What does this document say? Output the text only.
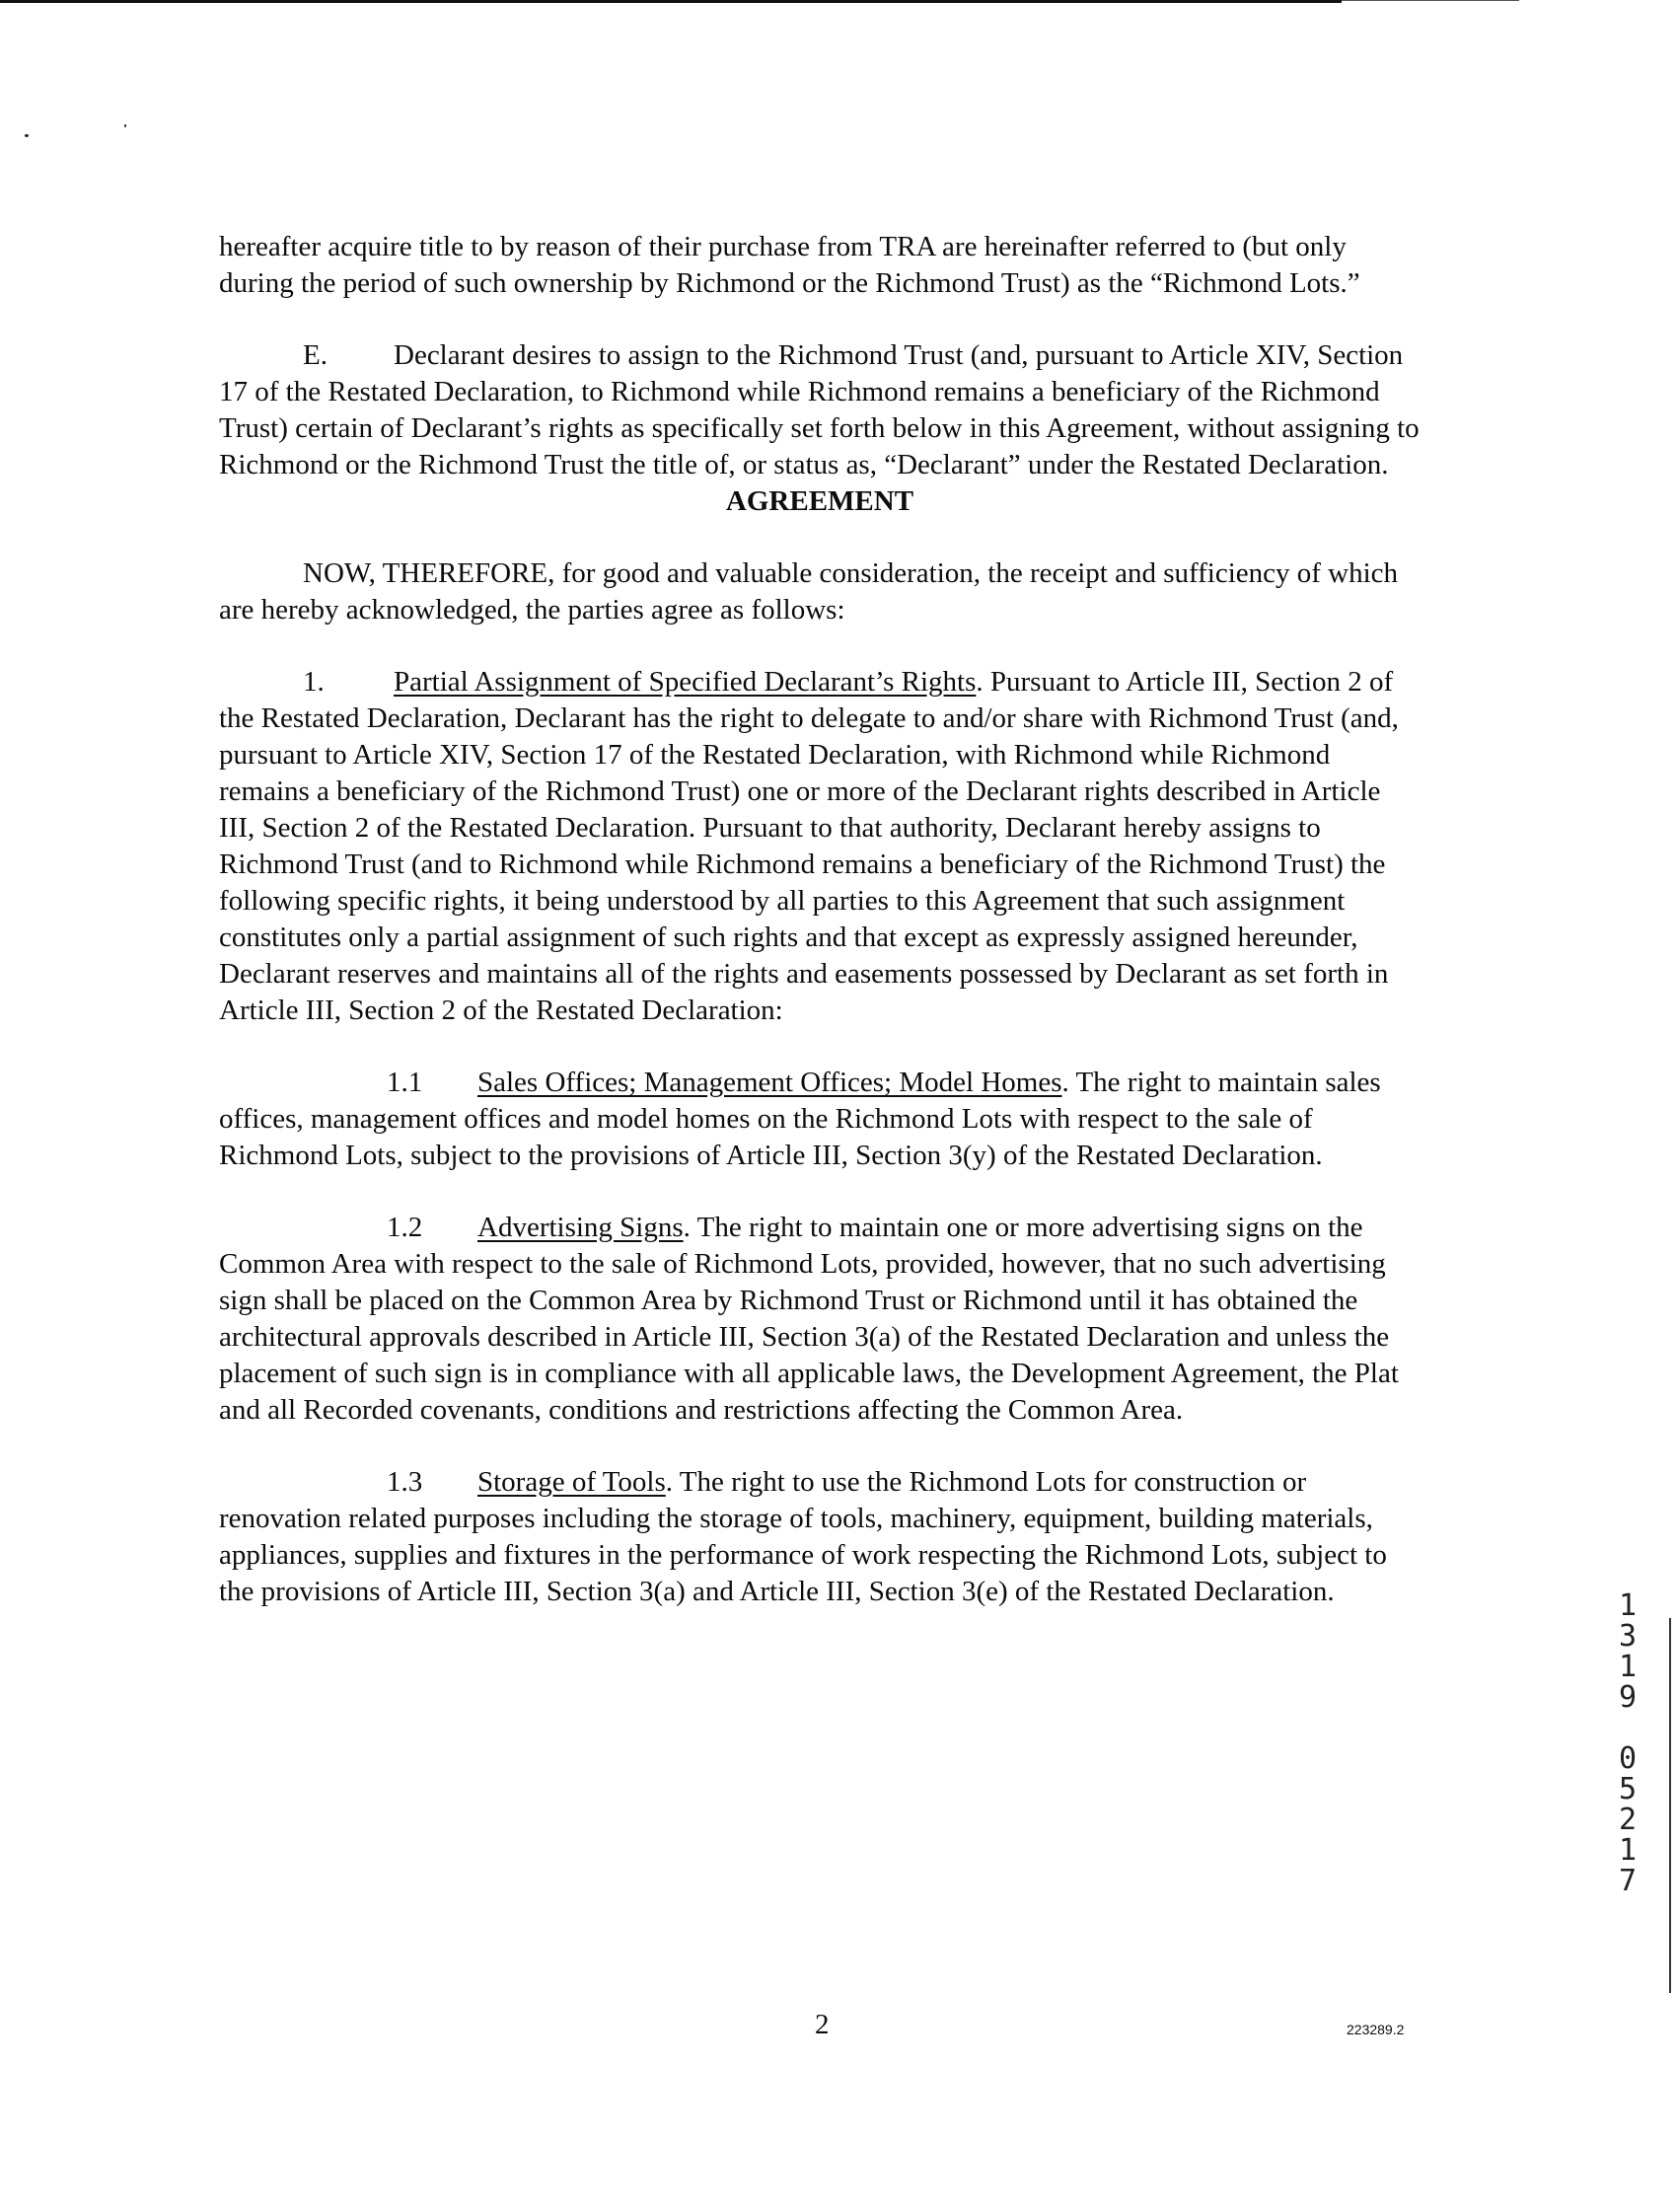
hereafter acquire title to by reason of their purchase from TRA are hereinafter referred to (but only during the period of such ownership by Richmond or the Richmond Trust) as the “Richmond Lots.”

E. Declarant desires to assign to the Richmond Trust (and, pursuant to Article XIV, Section 17 of the Restated Declaration, to Richmond while Richmond remains a beneficiary of the Richmond Trust) certain of Declarant’s rights as specifically set forth below in this Agreement, without assigning to Richmond or the Richmond Trust the title of, or status as, “Declarant” under the Restated Declaration.

AGREEMENT

NOW, THEREFORE, for good and valuable consideration, the receipt and sufficiency of which are hereby acknowledged, the parties agree as follows:

1. Partial Assignment of Specified Declarant’s Rights. Pursuant to Article III, Section 2 of the Restated Declaration, Declarant has the right to delegate to and/or share with Richmond Trust (and, pursuant to Article XIV, Section 17 of the Restated Declaration, with Richmond while Richmond remains a beneficiary of the Richmond Trust) one or more of the Declarant rights described in Article III, Section 2 of the Restated Declaration. Pursuant to that authority, Declarant hereby assigns to Richmond Trust (and to Richmond while Richmond remains a beneficiary of the Richmond Trust) the following specific rights, it being understood by all parties to this Agreement that such assignment constitutes only a partial assignment of such rights and that except as expressly assigned hereunder, Declarant reserves and maintains all of the rights and easements possessed by Declarant as set forth in Article III, Section 2 of the Restated Declaration:

1.1 Sales Offices; Management Offices; Model Homes. The right to maintain sales offices, management offices and model homes on the Richmond Lots with respect to the sale of Richmond Lots, subject to the provisions of Article III, Section 3(y) of the Restated Declaration.

1.2 Advertising Signs. The right to maintain one or more advertising signs on the Common Area with respect to the sale of Richmond Lots, provided, however, that no such advertising sign shall be placed on the Common Area by Richmond Trust or Richmond until it has obtained the architectural approvals described in Article III, Section 3(a) of the Restated Declaration and unless the placement of such sign is in compliance with all applicable laws, the Development Agreement, the Plat and all Recorded covenants, conditions and restrictions affecting the Common Area.

1.3 Storage of Tools. The right to use the Richmond Lots for construction or renovation related purposes including the storage of tools, machinery, equipment, building materials, appliances, supplies and fixtures in the performance of work respecting the Richmond Lots, subject to the provisions of Article III, Section 3(a) and Article III, Section 3(e) of the Restated Declaration.

2	223289.2
1
3
1
9

0
5
2
1
7
